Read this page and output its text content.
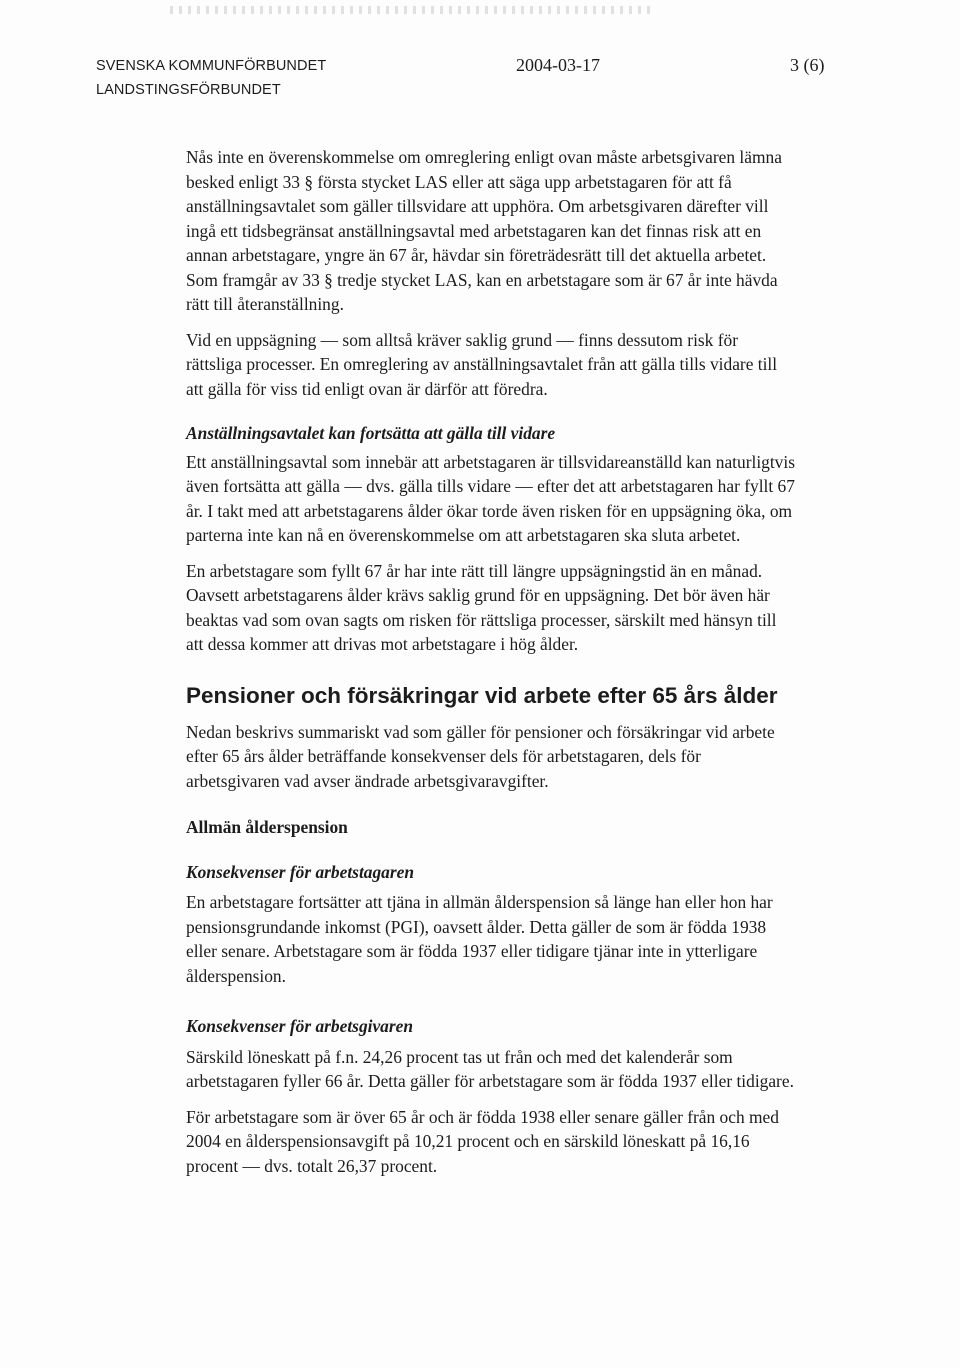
SVENSKA KOMMUNFÖRBUNDET
LANDSTINGSFÖRBUNDET
2004-03-17	3 (6)

Nås inte en överenskommelse om omreglering enligt ovan måste arbetsgivaren lämna besked enligt 33 § första stycket LAS eller att säga upp arbetstagaren för att få anställningsavtalet som gäller tillsvidare att upphöra. Om arbetsgivaren därefter vill ingå ett tidsbegränsat anställningsavtal med arbetstagaren kan det finnas risk att en annan arbetstagare, yngre än 67 år, hävdar sin företrädesrätt till det aktuella arbetet. Som framgår av 33 § tredje stycket LAS, kan en arbetstagare som är 67 år inte hävda rätt till återanställning.

Vid en uppsägning — som alltså kräver saklig grund — finns dessutom risk för rättsliga processer. En omreglering av anställningsavtalet från att gälla tills vidare till att gälla för viss tid enligt ovan är därför att föredra.

Anställningsavtalet kan fortsätta att gälla till vidare

Ett anställningsavtal som innebär att arbetstagaren är tillsvidareanställd kan naturligtvis även fortsätta att gälla — dvs. gälla tills vidare — efter det att arbetstagaren har fyllt 67 år. I takt med att arbetstagarens ålder ökar torde även risken för en uppsägning öka, om parterna inte kan nå en överenskommelse om att arbetstagaren ska sluta arbetet.

En arbetstagare som fyllt 67 år har inte rätt till längre uppsägningstid än en månad. Oavsett arbetstagarens ålder krävs saklig grund för en uppsägning. Det bör även här beaktas vad som ovan sagts om risken för rättsliga processer, särskilt med hänsyn till att dessa kommer att drivas mot arbetstagare i hög ålder.

Pensioner och försäkringar vid arbete efter 65 års ålder

Nedan beskrivs summariskt vad som gäller för pensioner och försäkringar vid arbete efter 65 års ålder beträffande konsekvenser dels för arbetstagaren, dels för arbetsgivaren vad avser ändrade arbetsgivaravgifter.

Allmän ålderspension
Konsekvenser för arbetstagaren

En arbetstagare fortsätter att tjäna in allmän ålderspension så länge han eller hon har pensionsgrundande inkomst (PGI), oavsett ålder. Detta gäller de som är födda 1938 eller senare. Arbetstagare som är födda 1937 eller tidigare tjänar inte in ytterligare ålderspension.

Konsekvenser för arbetsgivaren

Särskild löneskatt på f.n. 24,26 procent tas ut från och med det kalenderår som arbetstagaren fyller 66 år. Detta gäller för arbetstagare som är födda 1937 eller tidigare.

För arbetstagare som är över 65 år och är födda 1938 eller senare gäller från och med 2004 en ålderspensionsavgift på 10,21 procent och en särskild löneskatt på 16,16 procent — dvs. totalt 26,37 procent.
